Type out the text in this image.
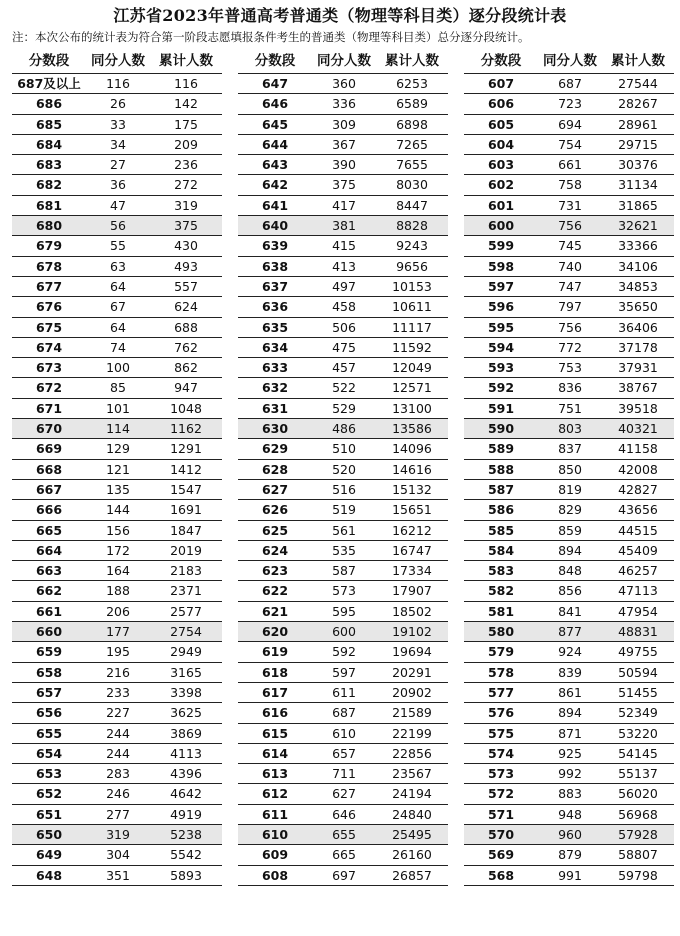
江苏省2023年普通高考普通类（物理等科目类）逐分段统计表
注：本次公布的统计表为符合第一阶段志愿填报条件考生的普通类（物理等科目类）总分逐分段统计。
分数段	同分人数	累计人数
687及以上	116	116
686	26	142
685	33	175
684	34	209
683	27	236
682	36	272
681	47	319
680	56	375
679	55	430
678	63	493
677	64	557
676	67	624
675	64	688
674	74	762
673	100	862
672	85	947
671	101	1048
670	114	1162
669	129	1291
668	121	1412
667	135	1547
666	144	1691
665	156	1847
664	172	2019
663	164	2183
662	188	2371
661	206	2577
660	177	2754
659	195	2949
658	216	3165
657	233	3398
656	227	3625
655	244	3869
654	244	4113
653	283	4396
652	246	4642
651	277	4919
650	319	5238
649	304	5542
648	351	5893
分数段	同分人数	累计人数
647	360	6253
646	336	6589
645	309	6898
644	367	7265
643	390	7655
642	375	8030
641	417	8447
640	381	8828
639	415	9243
638	413	9656
637	497	10153
636	458	10611
635	506	11117
634	475	11592
633	457	12049
632	522	12571
631	529	13100
630	486	13586
629	510	14096
628	520	14616
627	516	15132
626	519	15651
625	561	16212
624	535	16747
623	587	17334
622	573	17907
621	595	18502
620	600	19102
619	592	19694
618	597	20291
617	611	20902
616	687	21589
615	610	22199
614	657	22856
613	711	23567
612	627	24194
611	646	24840
610	655	25495
609	665	26160
608	697	26857
分数段	同分人数	累计人数
607	687	27544
606	723	28267
605	694	28961
604	754	29715
603	661	30376
602	758	31134
601	731	31865
600	756	32621
599	745	33366
598	740	34106
597	747	34853
596	797	35650
595	756	36406
594	772	37178
593	753	37931
592	836	38767
591	751	39518
590	803	40321
589	837	41158
588	850	42008
587	819	42827
586	829	43656
585	859	44515
584	894	45409
583	848	46257
582	856	47113
581	841	47954
580	877	48831
579	924	49755
578	839	50594
577	861	51455
576	894	52349
575	871	53220
574	925	54145
573	992	55137
572	883	56020
571	948	56968
570	960	57928
569	879	58807
568	991	59798
